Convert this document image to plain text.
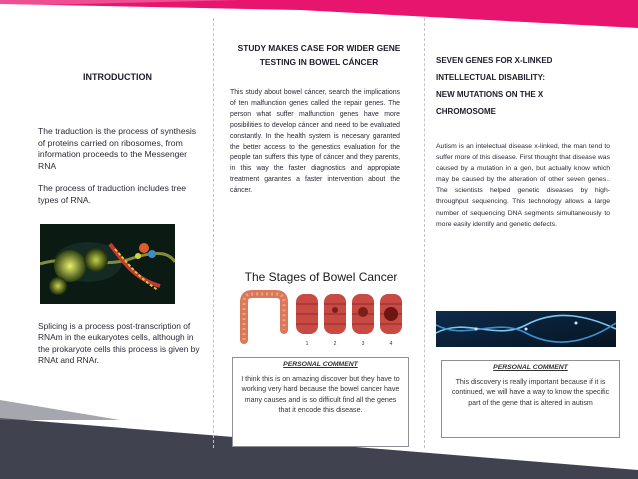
INTRODUCTION
The traduction is the process of synthesis of proteins carried on ribosomes, from information proceeds to the Messenger RNA
The process of traduction includes tree types of RNA.
Splicing is a process post-transcription of RNAm in the eukaryotes cells, although in the prokaryote cells this process is given by RNAt and RNAr.
STUDY MAKES CASE FOR WIDER GENE TESTING IN BOWEL CÁNCER
This study about bowel cáncer, search the implications of ten malfunction genes called the repair genes. The person what suffer malfunction genes have more posibilities to develop cáncer and need to be evaluated constantly. In the health system is necesary garanted the better access to the genestics evaluation for the people tan suffers this type of cáncer and they parents, in this way the faster diagnostics and appropiate treatment garantes a faster intervention about the cáncer.
The Stages of Bowel Cancer
1	2	3	4
PERSONAL COMMENT
I think this is on amazing discover but they have to working very hard because the bowel cancer have many causes and is so difficult find all the genes that it encode this disease.
SEVEN GENES FOR X-LINKED
INTELLECTUAL DISABILITY:
NEW MUTATIONS ON THE X
CHROMOSOME
Autism is an intelectual disease x-linked, the man tend to suffer more of this disease. First thought that disease was caused by a mutation in a gen, but actually know which may be caused by the alteration of other seven genes.. The scientists helped genetic diseases by high-throughput sequencing. This technology allows a large number of sequencing DNA segments simultaneously to more easily identify and genetic defects.
PERSONAL COMMENT
This discovery is really important because if it is continued, we will have a way to know the specific part of the gene that is altered in autism
